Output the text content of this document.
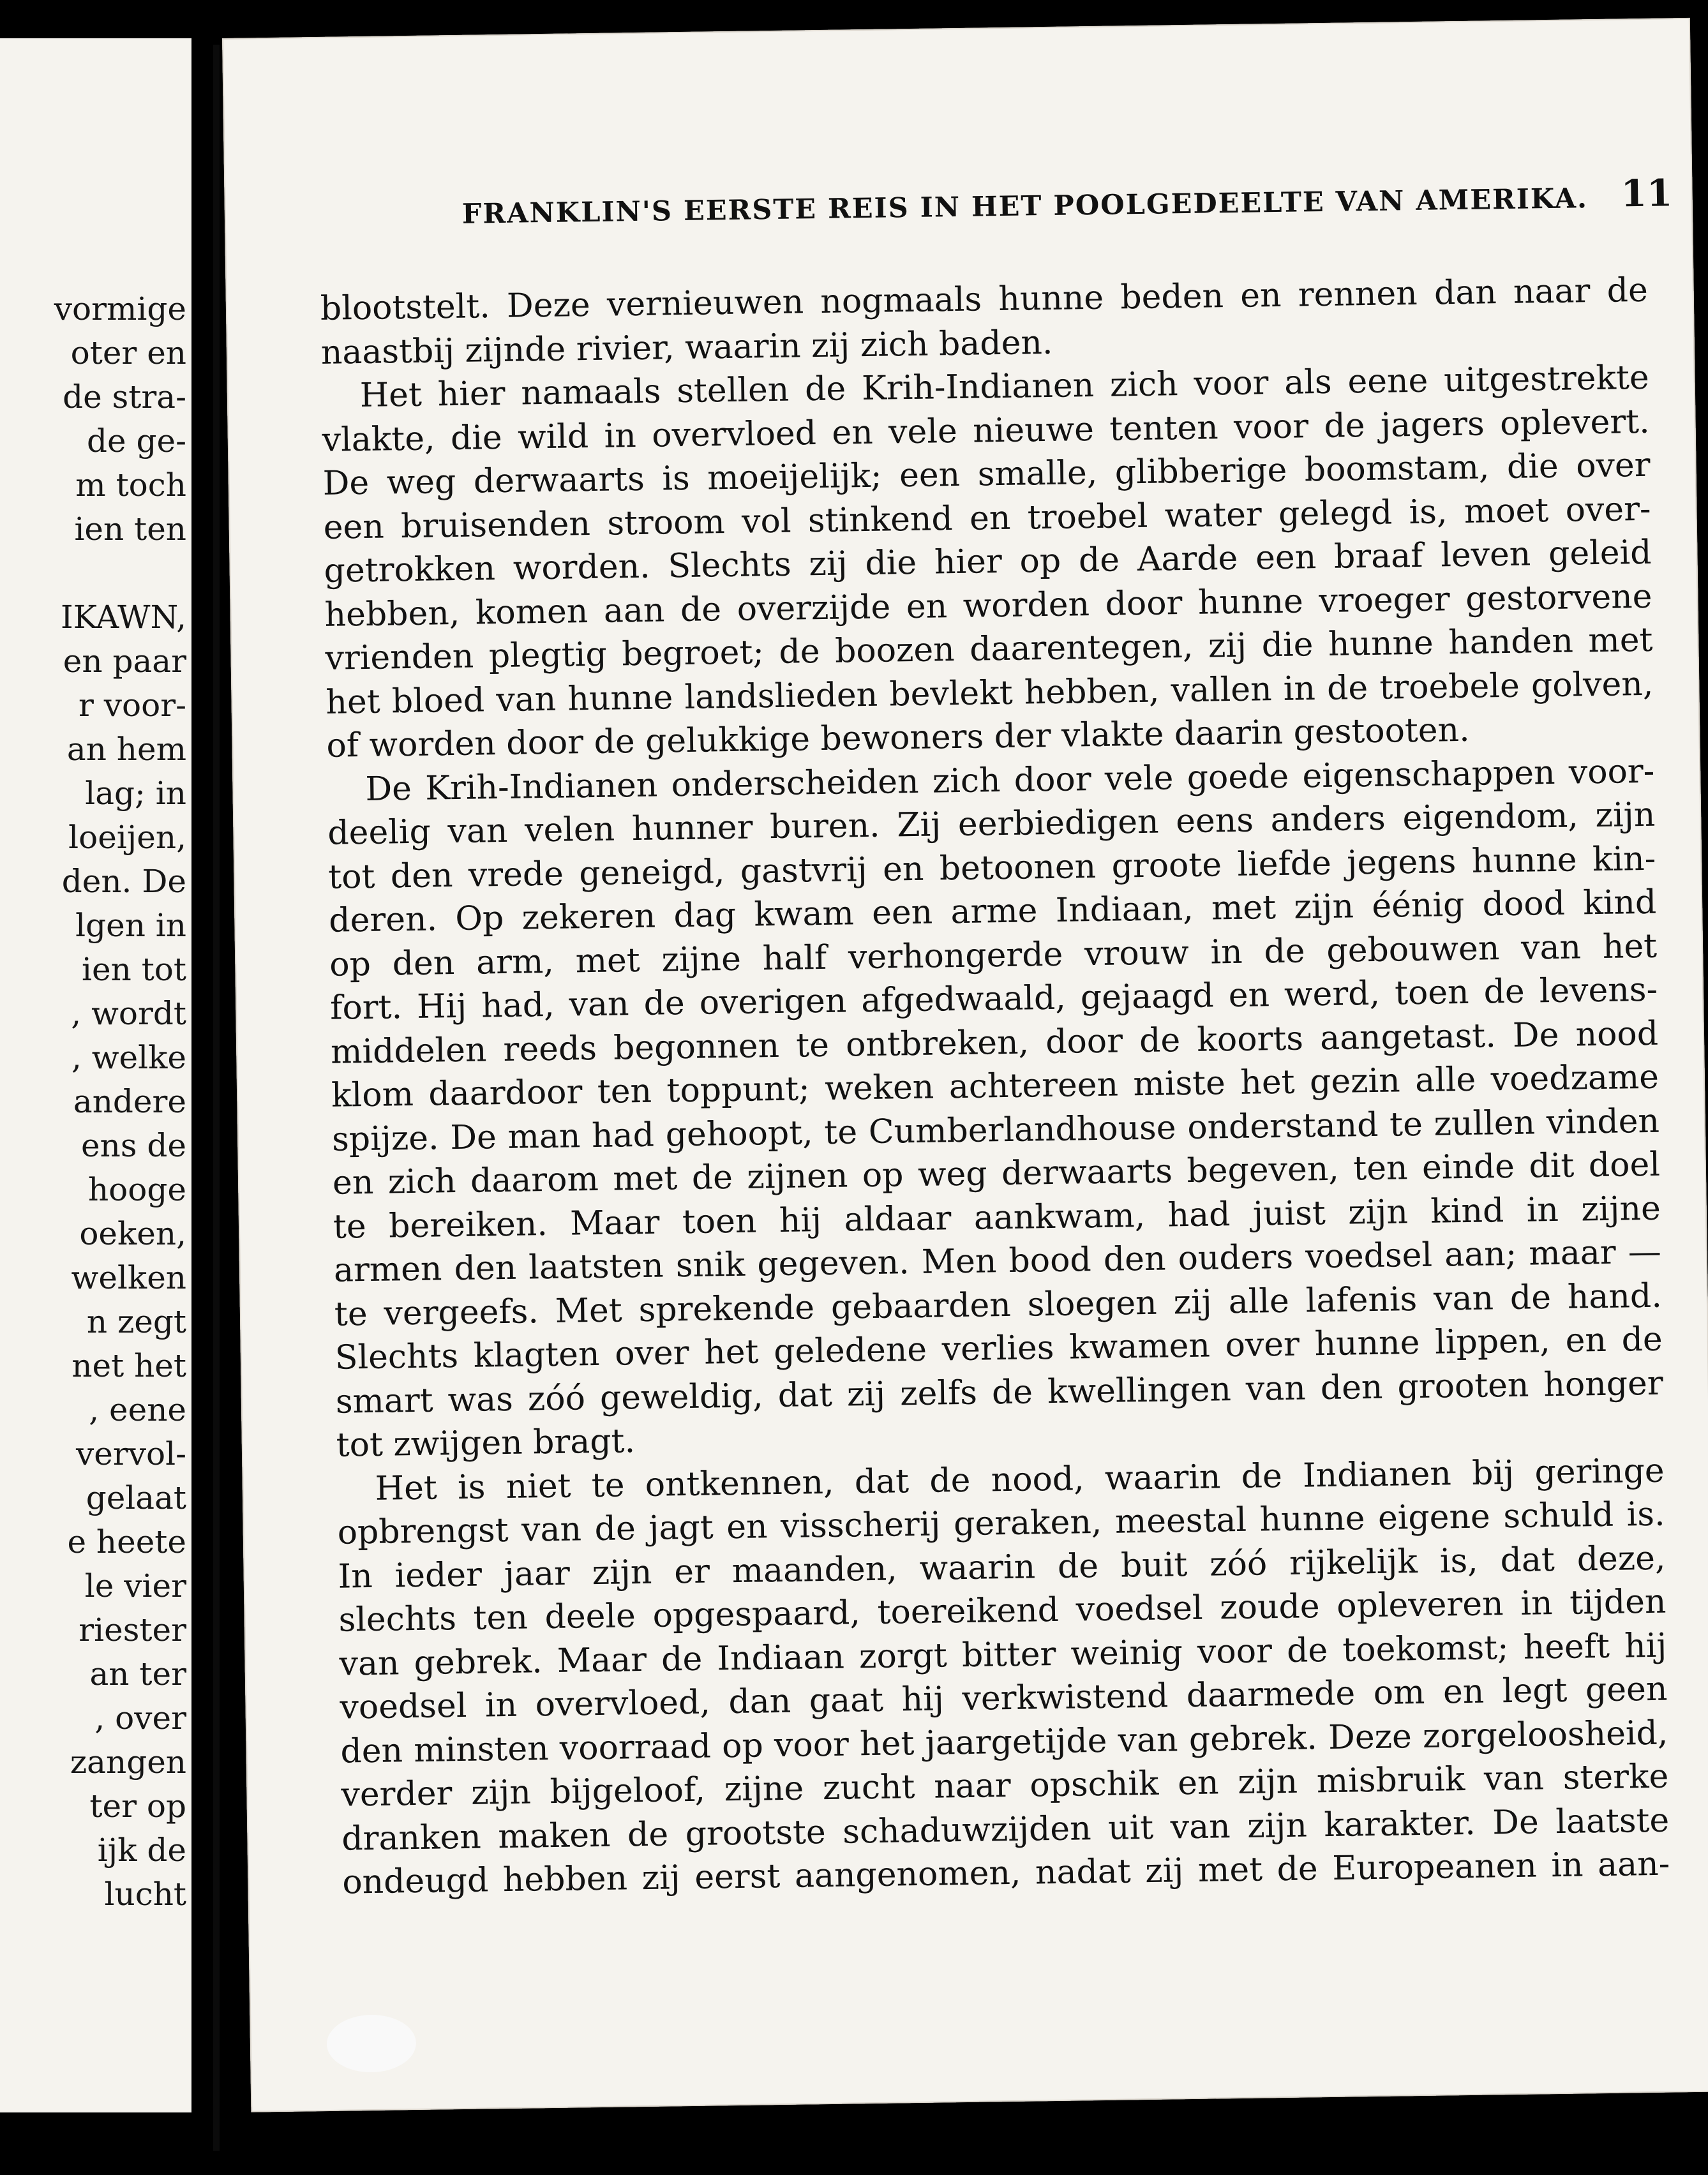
vormige
oter en
de stra-
de ge-
m toch
ien ten
IKAWN,
en paar
r voor-
an hem
lag; in
loeijen,
den. De
lgen in
ien tot
, wordt
, welke
andere
ens de
hooge
oeken,
welken
n zegt
net het
, eene
vervol-
gelaat
e heete
le vier
riester
an ter
, over
zangen
ter op
ijk de
lucht
FRANKLIN'S EERSTE REIS IN HET POOLGEDEELTE VAN AMERIKA. 11
blootstelt. Deze vernieuwen nogmaals hunne beden en rennen dan naar de
naastbij zijnde rivier, waarin zij zich baden.
Het hier namaals stellen de Krih-Indianen zich voor als eene uitgestrekte
vlakte, die wild in overvloed en vele nieuwe tenten voor de jagers oplevert.
De weg derwaarts is moeijelijk; een smalle, glibberige boomstam, die over
een bruisenden stroom vol stinkend en troebel water gelegd is, moet over-
getrokken worden. Slechts zij die hier op de Aarde een braaf leven geleid
hebben, komen aan de overzijde en worden door hunne vroeger gestorvene
vrienden plegtig begroet; de boozen daarentegen, zij die hunne handen met
het bloed van hunne landslieden bevlekt hebben, vallen in de troebele golven,
of worden door de gelukkige bewoners der vlakte daarin gestooten.
De Krih-Indianen onderscheiden zich door vele goede eigenschappen voor-
deelig van velen hunner buren. Zij eerbiedigen eens anders eigendom, zijn
tot den vrede geneigd, gastvrij en betoonen groote liefde jegens hunne kin-
deren. Op zekeren dag kwam een arme Indiaan, met zijn éénig dood kind
op den arm, met zijne half verhongerde vrouw in de gebouwen van het
fort. Hij had, van de overigen afgedwaald, gejaagd en werd, toen de levens-
middelen reeds begonnen te ontbreken, door de koorts aangetast. De nood
klom daardoor ten toppunt; weken achtereen miste het gezin alle voedzame
spijze. De man had gehoopt, te Cumberlandhouse onderstand te zullen vinden
en zich daarom met de zijnen op weg derwaarts begeven, ten einde dit doel
te bereiken. Maar toen hij aldaar aankwam, had juist zijn kind in zijne
armen den laatsten snik gegeven. Men bood den ouders voedsel aan; maar —
te vergeefs. Met sprekende gebaarden sloegen zij alle lafenis van de hand.
Slechts klagten over het geledene verlies kwamen over hunne lippen, en de
smart was zóó geweldig, dat zij zelfs de kwellingen van den grooten honger
tot zwijgen bragt.
Het is niet te ontkennen, dat de nood, waarin de Indianen bij geringe
opbrengst van de jagt en visscherij geraken, meestal hunne eigene schuld is.
In ieder jaar zijn er maanden, waarin de buit zóó rijkelijk is, dat deze,
slechts ten deele opgespaard, toereikend voedsel zoude opleveren in tijden
van gebrek. Maar de Indiaan zorgt bitter weinig voor de toekomst; heeft hij
voedsel in overvloed, dan gaat hij verkwistend daarmede om en legt geen
den minsten voorraad op voor het jaargetijde van gebrek. Deze zorgeloosheid,
verder zijn bijgeloof, zijne zucht naar opschik en zijn misbruik van sterke
dranken maken de grootste schaduwzijden uit van zijn karakter. De laatste
ondeugd hebben zij eerst aangenomen, nadat zij met de Europeanen in aan-
